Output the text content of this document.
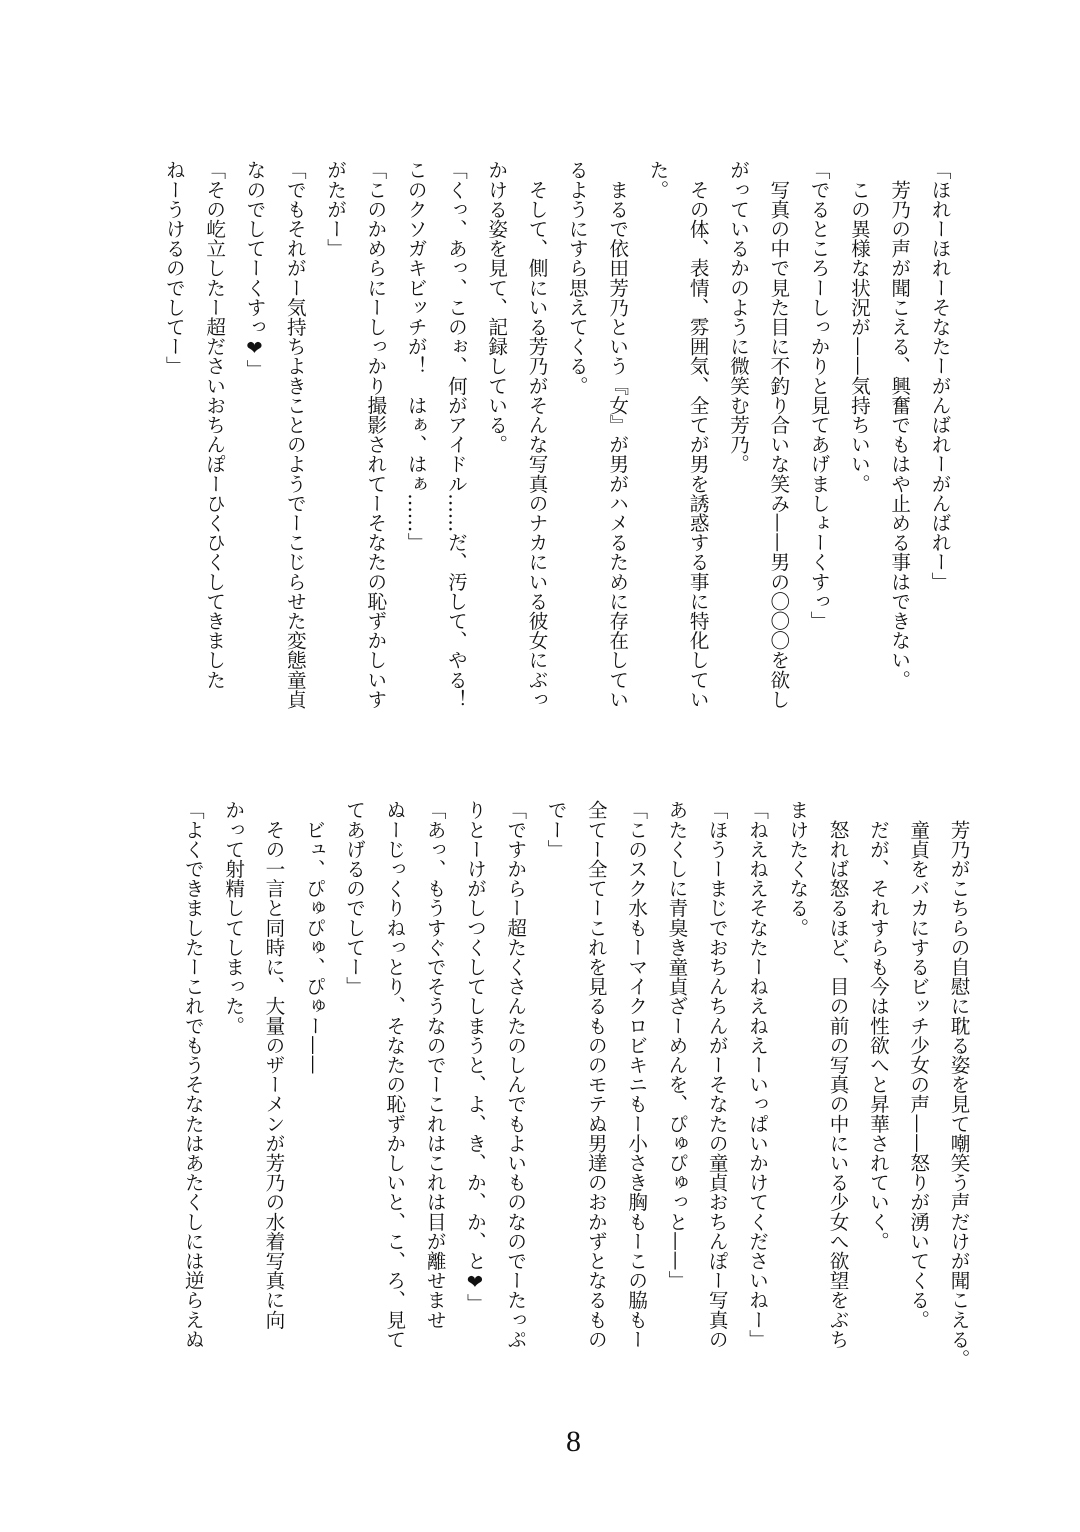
「ほれーほれーそなたーがんばれーがんばれー」
　芳乃の声が聞こえる、興奮でもはや止める事はできない。
　この異様な状況が——気持ちいい。
「でるところーしっかりと見てあげましょーくすっ」
　写真の中で見た目に不釣り合いな笑み——男の〇〇〇を欲し
がっているかのように微笑む芳乃。
　その体、表情、雰囲気、全てが男を誘惑する事に特化してい
た。
　まるで依田芳乃という『女』が男がハメるために存在してい
るようにすら思えてくる。
　そして、側にいる芳乃がそんな写真のナカにいる彼女にぶっ
かける姿を見て、記録している。
「くっ、あっ、このぉ、何がアイドル……だ、汚して、やる！
このクソガキビッチが！　はぁ、はぁ……」
「このかめらにーしっかり撮影されてーそなたの恥ずかしいす
がたがー」
「でもそれがー気持ちよきことのようでーこじらせた変態童貞
なのでしてーくすっ❤」
「その屹立したー超ださいおちんぽーひくひくしてきました
ねーうけるのでしてー」
　芳乃がこちらの自慰に耽る姿を見て嘲笑う声だけが聞こえる。
　童貞をバカにするビッチ少女の声——怒りが湧いてくる。
　だが、それすらも今は性欲へと昇華されていく。
　怒れば怒るほど、目の前の写真の中にいる少女へ欲望をぶち
まけたくなる。
「ねえねえそなたーねえねえーいっぱいかけてくださいねー」
「ほうーまじでおちんちんがーそなたの童貞おちんぽー写真の
あたくしに青臭き童貞ざーめんを、ぴゅぴゅっと——」
「このスク水もーマイクロビキニもー小さき胸もーこの脇もー
全てー全てーこれを見るもののモテぬ男達のおかずとなるもの
でー」
「ですからー超たくさんたのしんでもよいものなのでーたっぷ
りとーけがしつくしてしまうと、よ、き、か、か、と❤」
「あっ、もうすぐでそうなのでーこれはこれは目が離せませ
ぬーじっくりねっとり、そなたの恥ずかしいと、こ、ろ、見て
てあげるのでしてー」
　ビュ、ぴゅぴゅ、ぴゅー——
　その一言と同時に、大量のザーメンが芳乃の水着写真に向
かって射精してしまった。
「よくできましたーこれでもうそなたはあたくしには逆らえぬ
8
